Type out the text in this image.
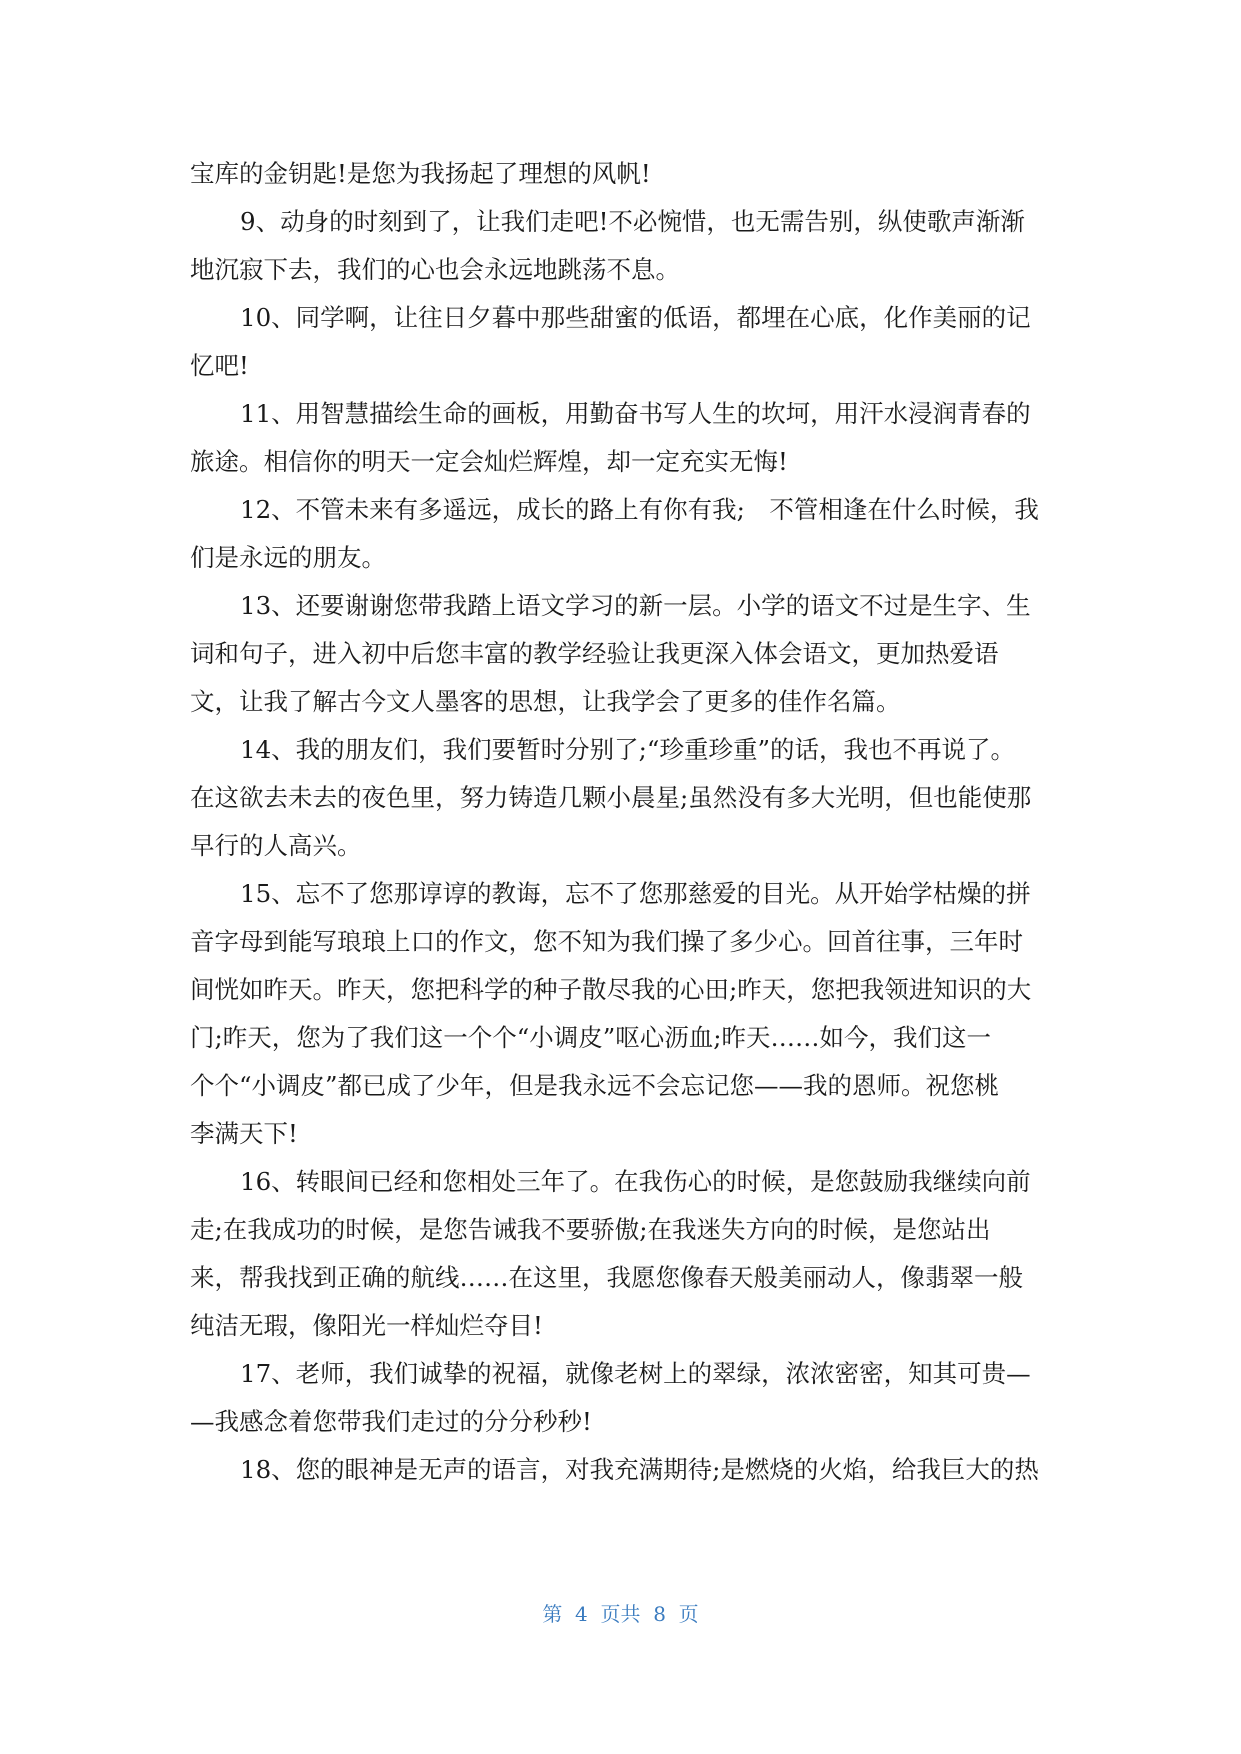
宝库的金钥匙!是您为我扬起了理想的风帆!
9、动身的时刻到了，让我们走吧!不必惋惜，也无需告别，纵使歌声渐渐
地沉寂下去，我们的心也会永远地跳荡不息。
10、同学啊，让往日夕暮中那些甜蜜的低语，都埋在心底，化作美丽的记
忆吧!
11、用智慧描绘生命的画板，用勤奋书写人生的坎坷，用汗水浸润青春的
旅途。相信你的明天一定会灿烂辉煌，却一定充实无悔!
12、不管未来有多遥远，成长的路上有你有我;　不管相逢在什么时候，我
们是永远的朋友。
13、还要谢谢您带我踏上语文学习的新一层。小学的语文不过是生字、生
词和句子，进入初中后您丰富的教学经验让我更深入体会语文，更加热爱语
文，让我了解古今文人墨客的思想，让我学会了更多的佳作名篇。
14、我的朋友们，我们要暂时分别了;“珍重珍重”的话，我也不再说了。
在这欲去未去的夜色里，努力铸造几颗小晨星;虽然没有多大光明，但也能使那
早行的人高兴。
15、忘不了您那谆谆的教诲，忘不了您那慈爱的目光。从开始学枯燥的拼
音字母到能写琅琅上口的作文，您不知为我们操了多少心。回首往事，三年时
间恍如昨天。昨天，您把科学的种子散尽我的心田;昨天，您把我领进知识的大
门;昨天，您为了我们这一个个“小调皮”呕心沥血;昨天……如今，我们这一
个个“小调皮”都已成了少年，但是我永远不会忘记您——我的恩师。祝您桃
李满天下!
16、转眼间已经和您相处三年了。在我伤心的时候，是您鼓励我继续向前
走;在我成功的时候，是您告诫我不要骄傲;在我迷失方向的时候，是您站出
来，帮我找到正确的航线……在这里，我愿您像春天般美丽动人，像翡翠一般
纯洁无瑕，像阳光一样灿烂夺目!
17、老师，我们诚挚的祝福，就像老树上的翠绿，浓浓密密，知其可贵—
—我感念着您带我们走过的分分秒秒!
18、您的眼神是无声的语言，对我充满期待;是燃烧的火焰，给我巨大的热
第  4  页共  8  页
